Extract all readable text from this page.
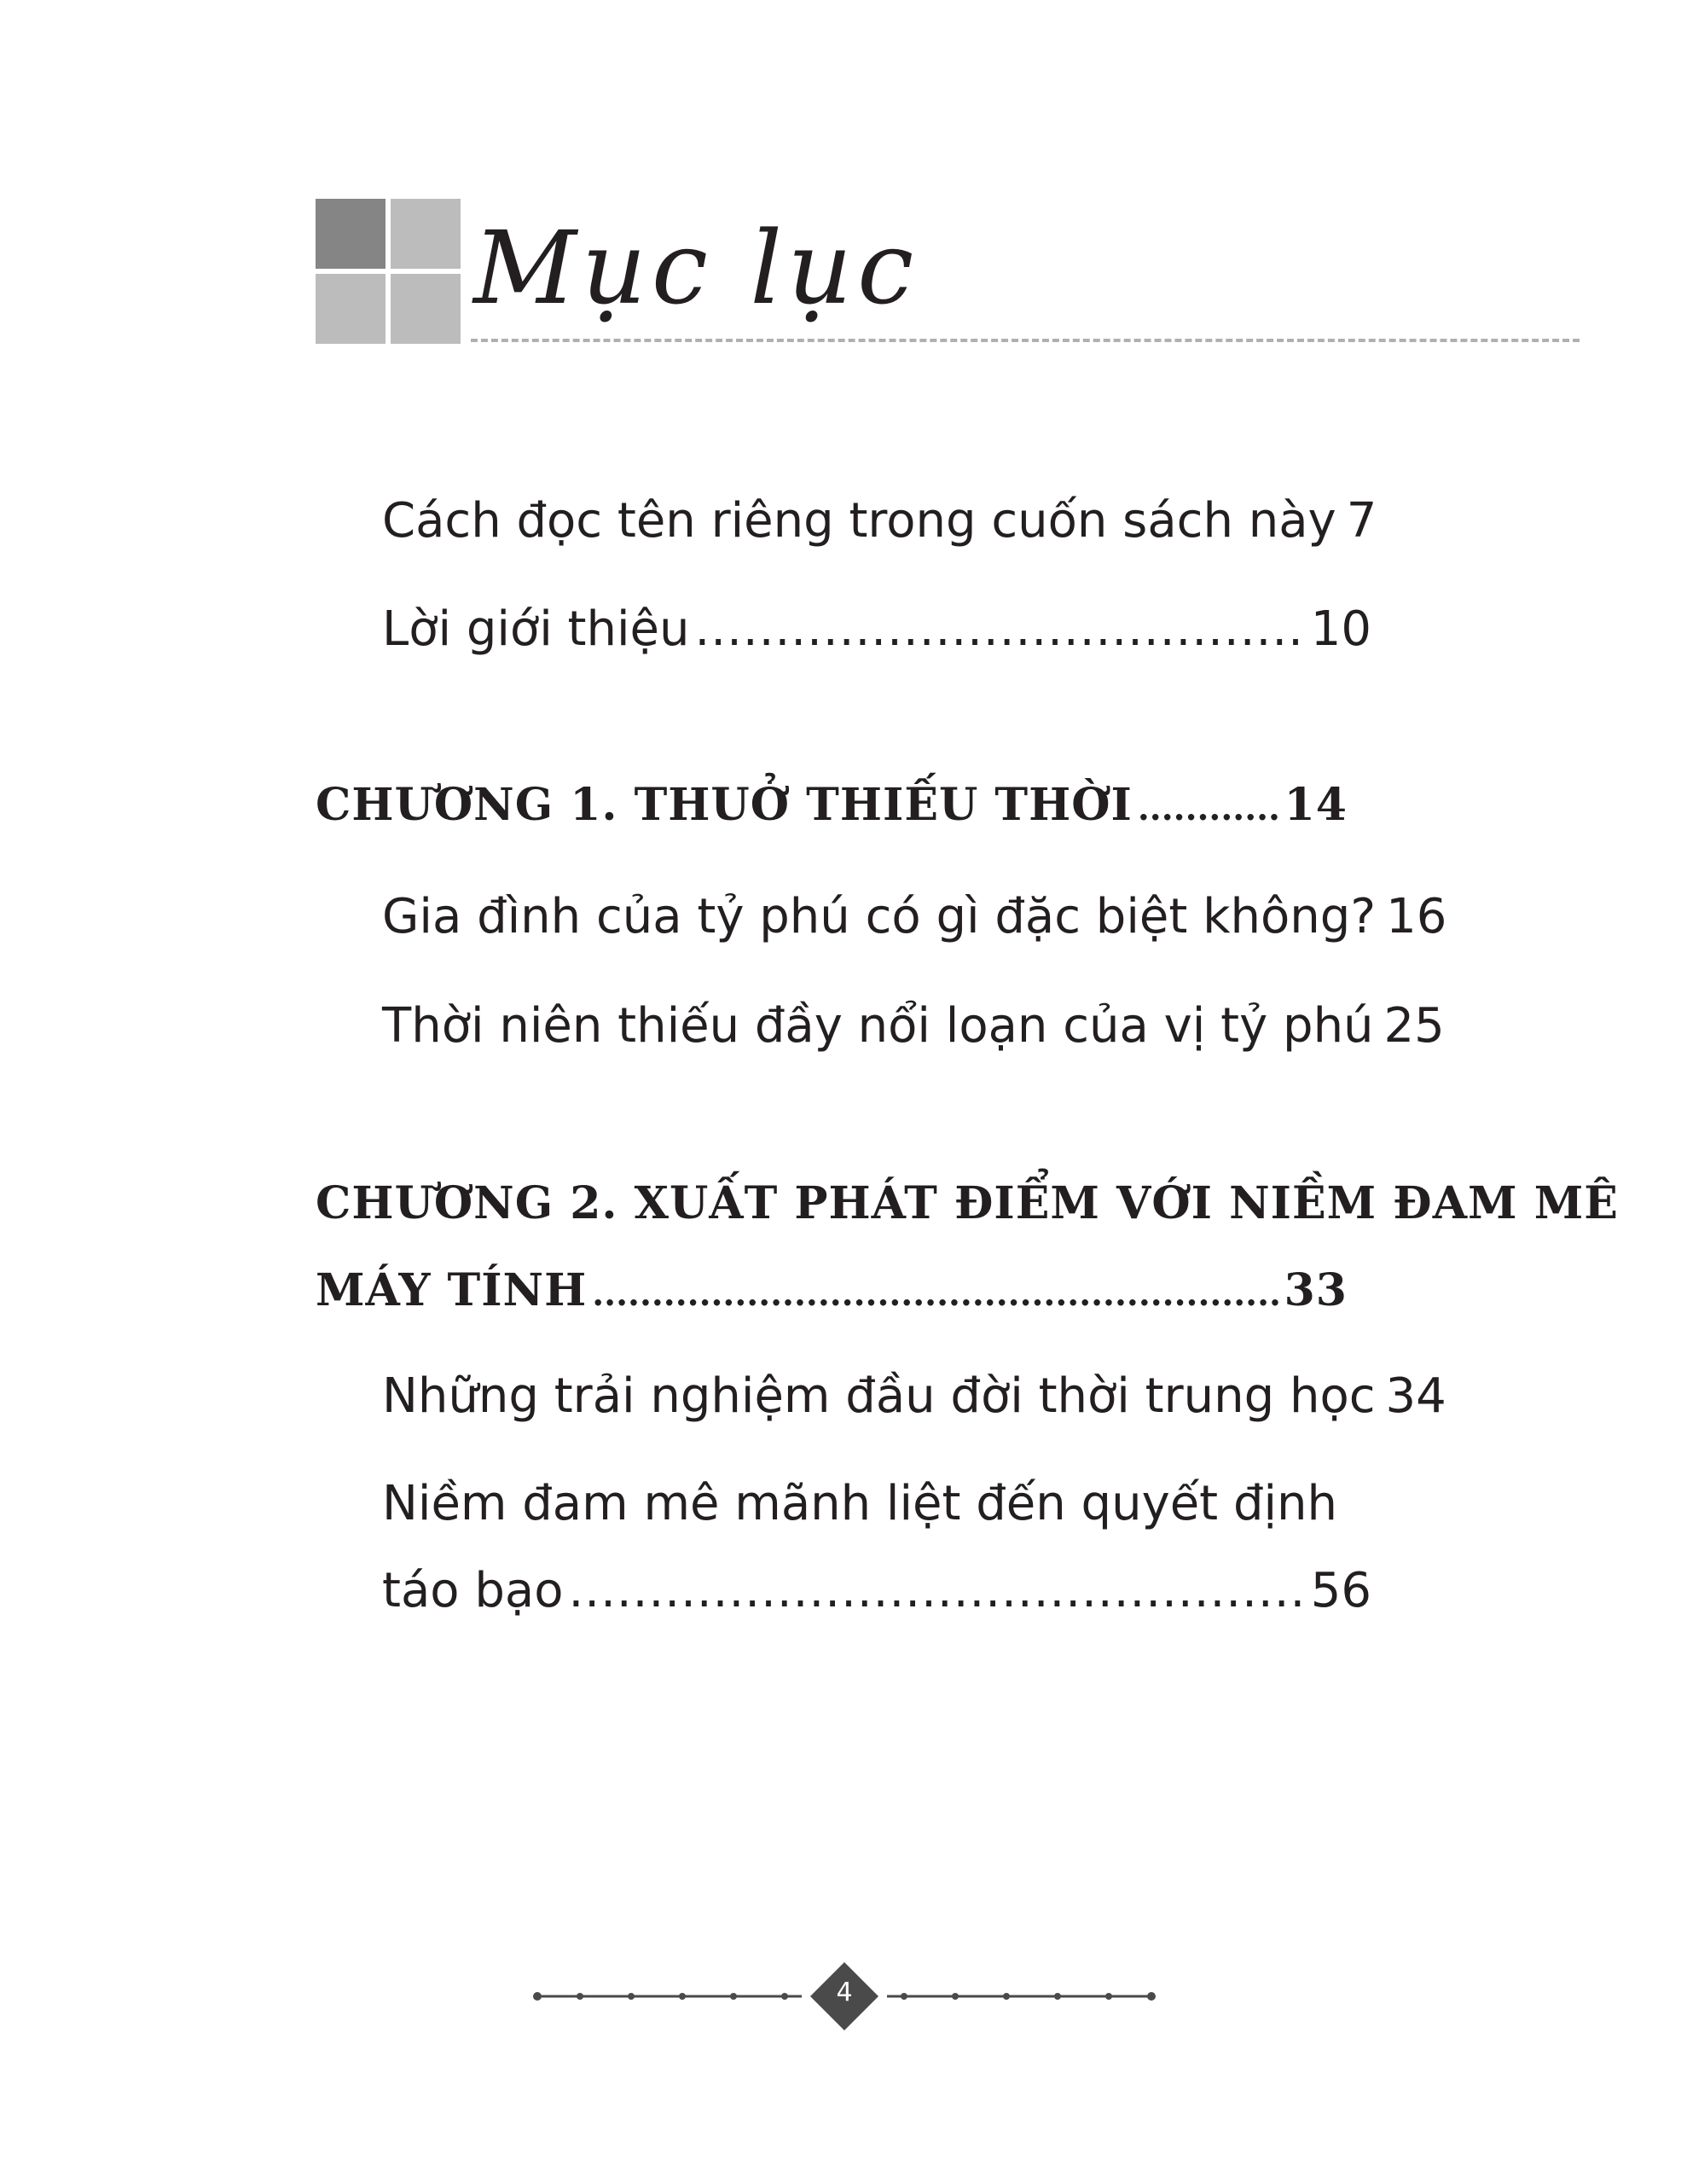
Mục lục
Cách đọc tên riêng trong cuốn sách này 7
Lời giới thiệu .....	10
CHƯƠNG 1. THUỞ THIẾU THỜI .....	14
Gia đình của tỷ phú có gì đặc biệt không? 16
Thời niên thiếu đầy nổi loạn của vị tỷ phú 25
CHƯƠNG 2. XUẤT PHÁT ĐIỂM VỚI NIỀM ĐAM MÊ
MÁY TÍNH .....	33
Những trải nghiệm đầu đời thời trung học 34
Niềm đam mê mãnh liệt đến quyết định
táo bạo .....	56
4
